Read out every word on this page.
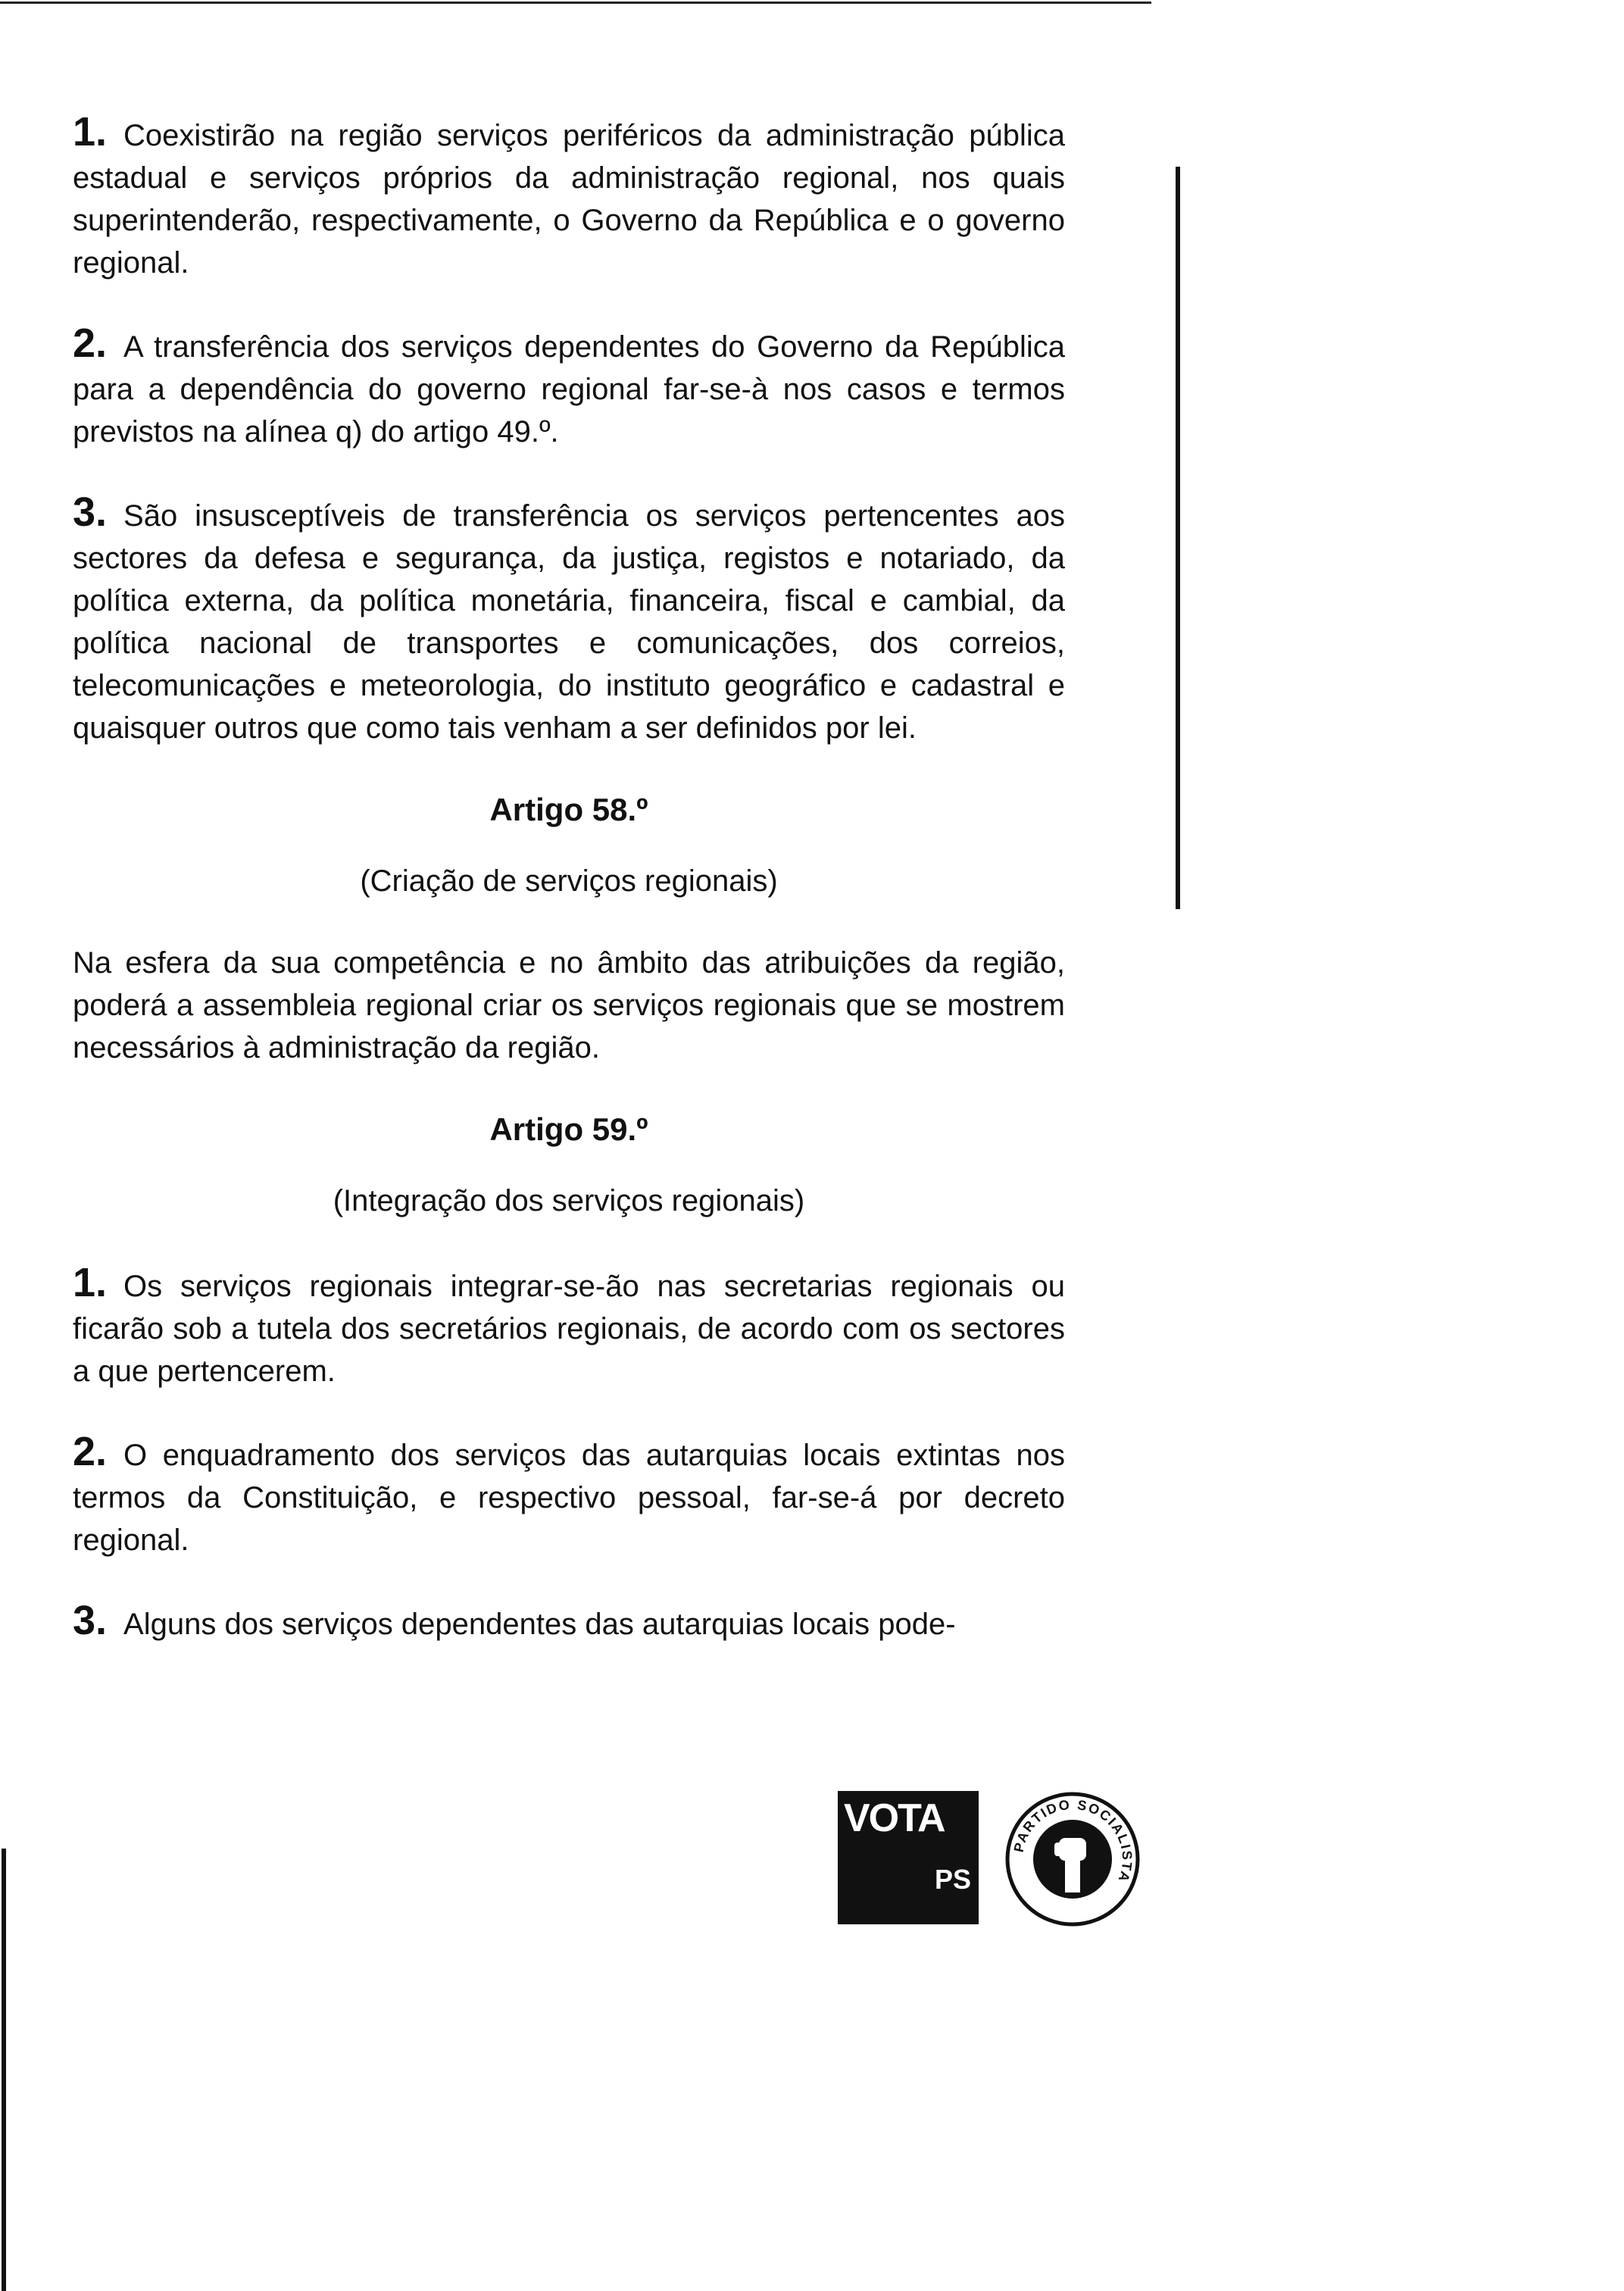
1. Coexistirão na região serviços periféricos da administração pública estadual e serviços próprios da administração regional, nos quais superintenderão, respectivamente, o Governo da República e o governo regional.

2. A transferência dos serviços dependentes do Governo da República para a dependência do governo regional far-se-à nos casos e termos previstos na alínea q) do artigo 49.º.

3. São insusceptíveis de transferência os serviços pertencentes aos sectores da defesa e segurança, da justiça, registos e notariado, da política externa, da política monetária, financeira, fiscal e cambial, da política nacional de transportes e comunicações, dos correios, telecomunicações e meteorologia, do instituto geográfico e cadastral e quaisquer outros que como tais venham a ser definidos por lei.

Artigo 58.º
(Criação de serviços regionais)

Na esfera da sua competência e no âmbito das atribuições da região, poderá a assembleia regional criar os serviços regionais que se mostrem necessários à administração da região.

Artigo 59.º
(Integração dos serviços regionais)

1. Os serviços regionais integrar-se-ão nas secretarias regionais ou ficarão sob a tutela dos secretários regionais, de acordo com os sectores a que pertencerem.

2. O enquadramento dos serviços das autarquias locais extintas nos termos da Constituição, e respectivo pessoal, far-se-á por decreto regional.

3. Alguns dos serviços dependentes das autarquias locais pode-

VOTA
PS
PARTIDO SOCIALISTA
